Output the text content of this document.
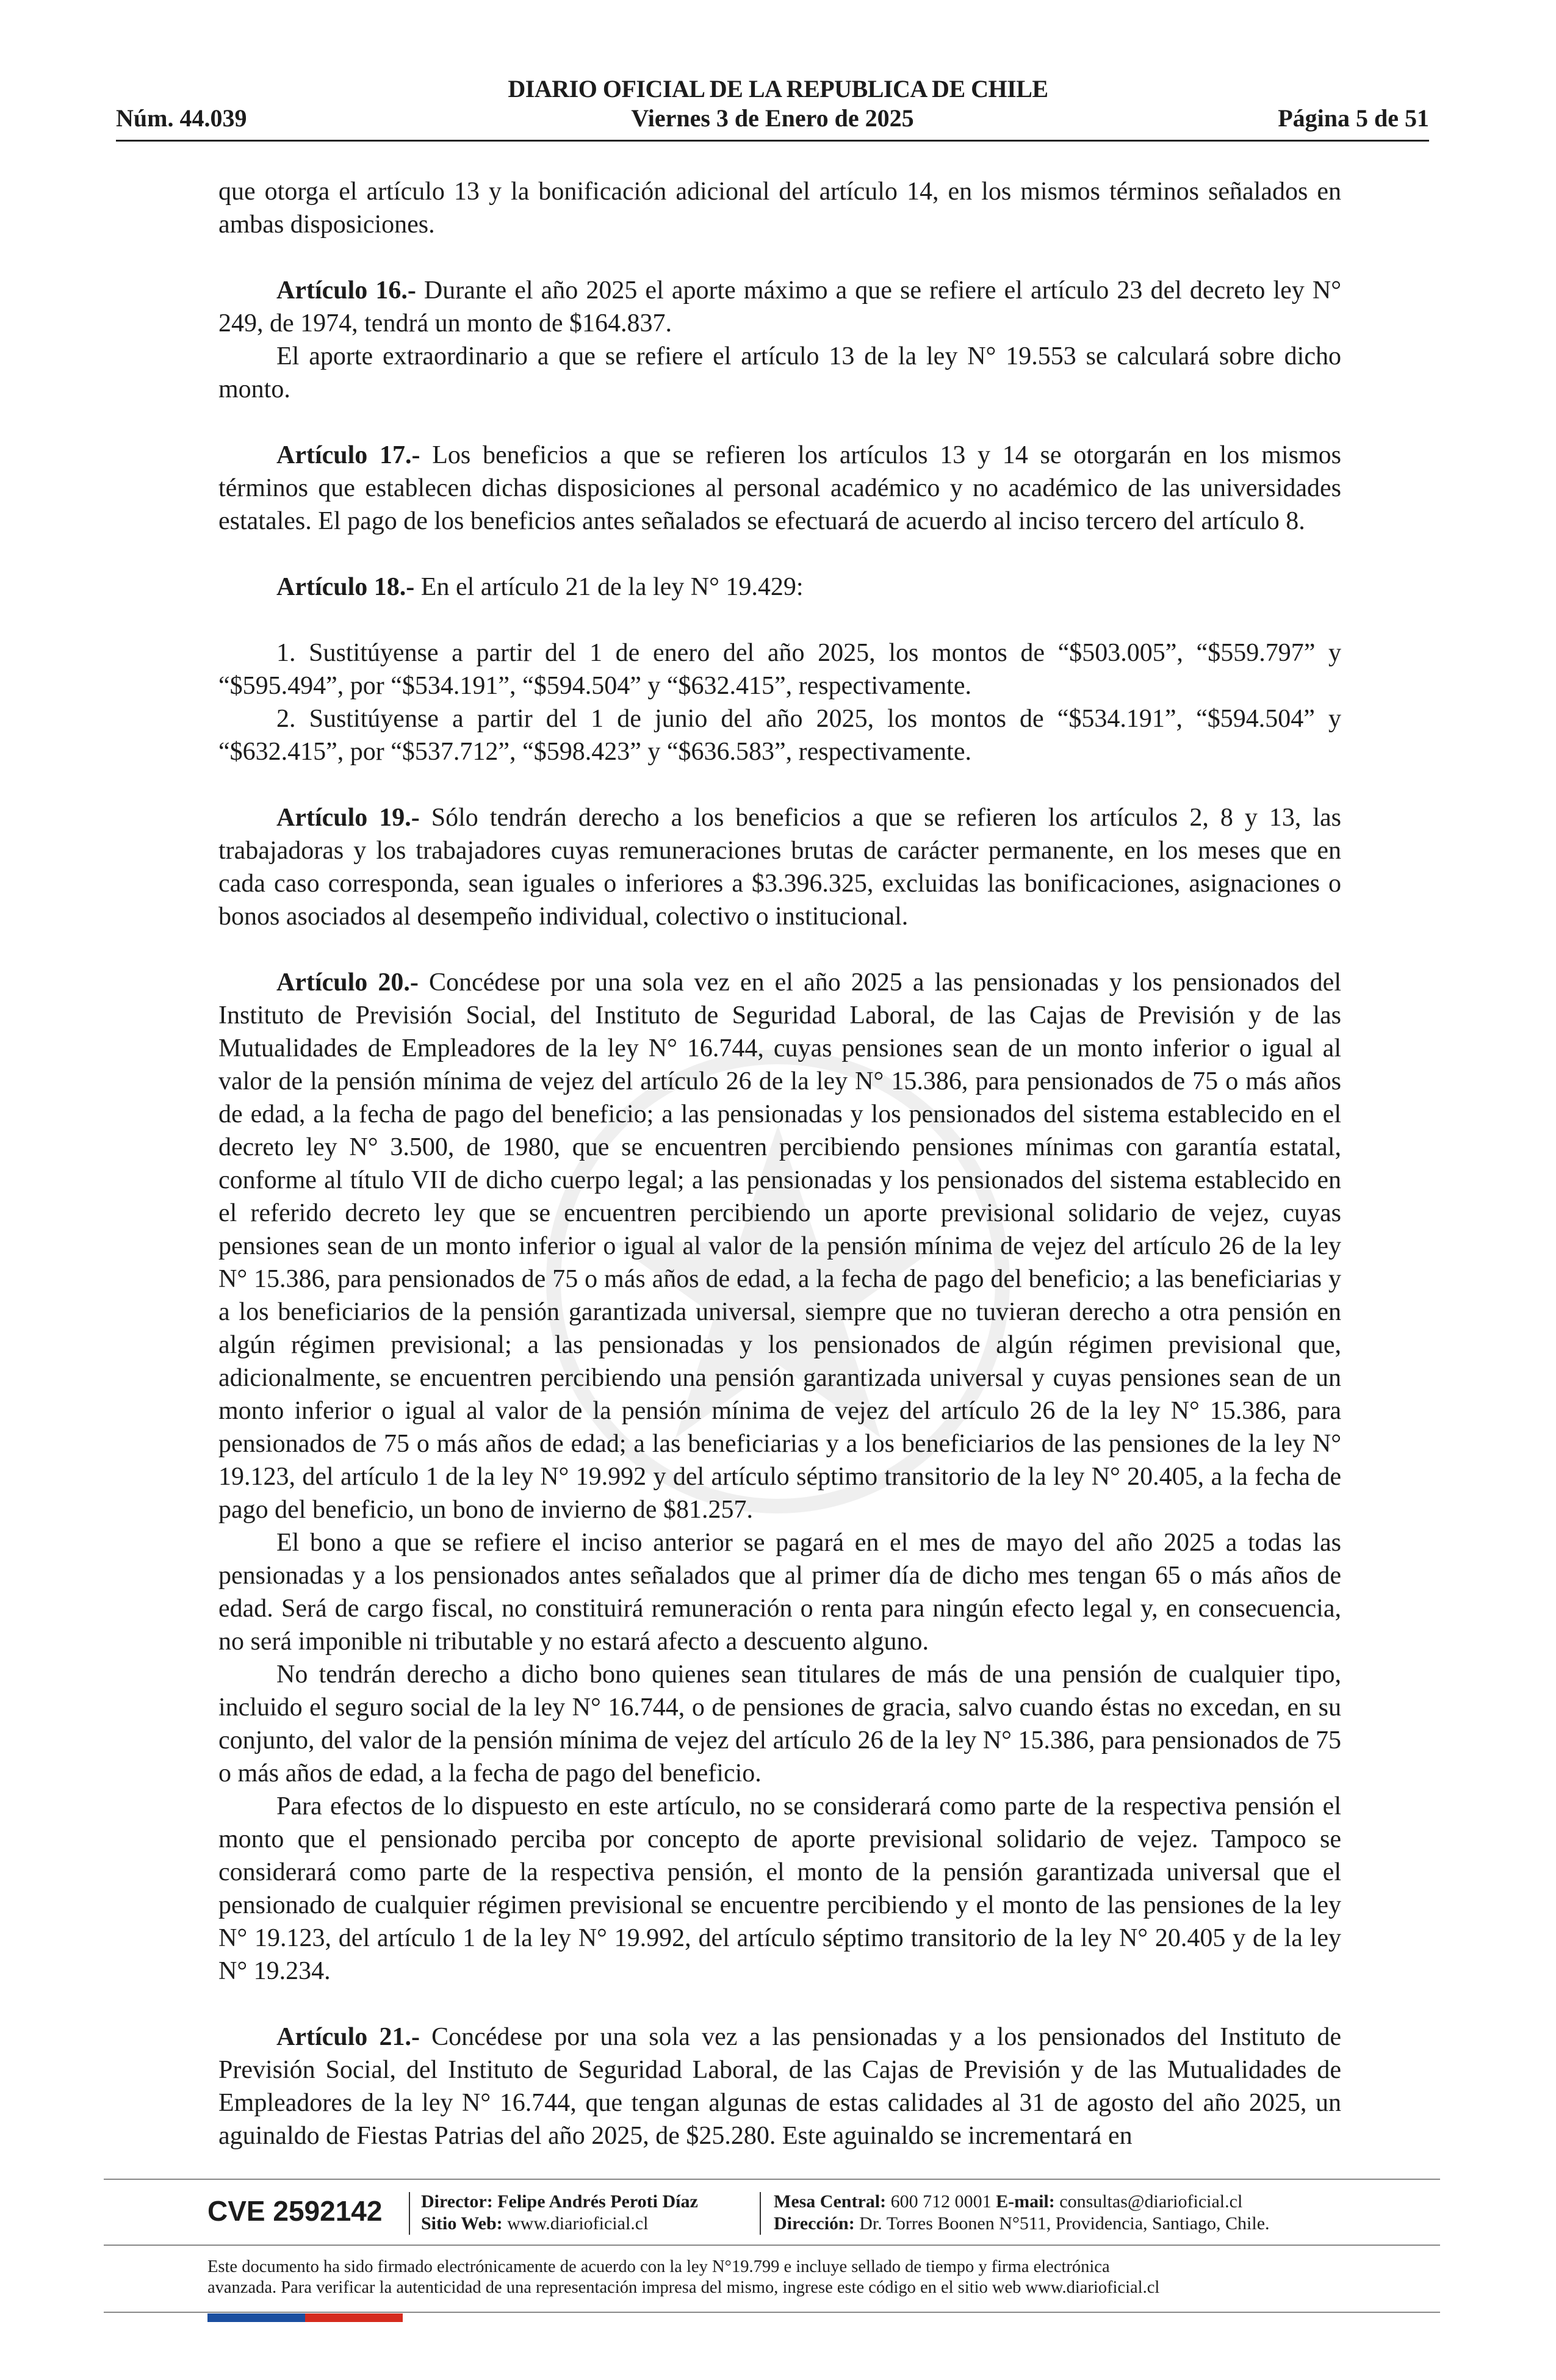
DIARIO OFICIAL DE LA REPUBLICA DE CHILE
Viernes 3 de Enero de 2025
Núm. 44.039	Página 5 de 51

que otorga el artículo 13 y la bonificación adicional del artículo 14, en los mismos términos señalados en ambas disposiciones.

Artículo 16.- Durante el año 2025 el aporte máximo a que se refiere el artículo 23 del decreto ley N° 249, de 1974, tendrá un monto de $164.837.

El aporte extraordinario a que se refiere el artículo 13 de la ley N° 19.553 se calculará sobre dicho monto.

Artículo 17.- Los beneficios a que se refieren los artículos 13 y 14 se otorgarán en los mismos términos que establecen dichas disposiciones al personal académico y no académico de las universidades estatales. El pago de los beneficios antes señalados se efectuará de acuerdo al inciso tercero del artículo 8.

Artículo 18.- En el artículo 21 de la ley N° 19.429:

1. Sustitúyense a partir del 1 de enero del año 2025, los montos de “$503.005”, “$559.797” y “$595.494”, por “$534.191”, “$594.504” y “$632.415”, respectivamente.

2. Sustitúyense a partir del 1 de junio del año 2025, los montos de “$534.191”, “$594.504” y “$632.415”, por “$537.712”, “$598.423” y “$636.583”, respectivamente.

Artículo 19.- Sólo tendrán derecho a los beneficios a que se refieren los artículos 2, 8 y 13, las trabajadoras y los trabajadores cuyas remuneraciones brutas de carácter permanente, en los meses que en cada caso corresponda, sean iguales o inferiores a $3.396.325, excluidas las bonificaciones, asignaciones o bonos asociados al desempeño individual, colectivo o institucional.

Artículo 20.- Concédese por una sola vez en el año 2025 a las pensionadas y los pensionados del Instituto de Previsión Social, del Instituto de Seguridad Laboral, de las Cajas de Previsión y de las Mutualidades de Empleadores de la ley N° 16.744, cuyas pensiones sean de un monto inferior o igual al valor de la pensión mínima de vejez del artículo 26 de la ley N° 15.386, para pensionados de 75 o más años de edad, a la fecha de pago del beneficio; a las pensionadas y los pensionados del sistema establecido en el decreto ley N° 3.500, de 1980, que se encuentren percibiendo pensiones mínimas con garantía estatal, conforme al título VII de dicho cuerpo legal; a las pensionadas y los pensionados del sistema establecido en el referido decreto ley que se encuentren percibiendo un aporte previsional solidario de vejez, cuyas pensiones sean de un monto inferior o igual al valor de la pensión mínima de vejez del artículo 26 de la ley N° 15.386, para pensionados de 75 o más años de edad, a la fecha de pago del beneficio; a las beneficiarias y a los beneficiarios de la pensión garantizada universal, siempre que no tuvieran derecho a otra pensión en algún régimen previsional; a las pensionadas y los pensionados de algún régimen previsional que, adicionalmente, se encuentren percibiendo una pensión garantizada universal y cuyas pensiones sean de un monto inferior o igual al valor de la pensión mínima de vejez del artículo 26 de la ley N° 15.386, para pensionados de 75 o más años de edad; a las beneficiarias y a los beneficiarios de las pensiones de la ley N° 19.123, del artículo 1 de la ley N° 19.992 y del artículo séptimo transitorio de la ley N° 20.405, a la fecha de pago del beneficio, un bono de invierno de $81.257.

El bono a que se refiere el inciso anterior se pagará en el mes de mayo del año 2025 a todas las pensionadas y a los pensionados antes señalados que al primer día de dicho mes tengan 65 o más años de edad. Será de cargo fiscal, no constituirá remuneración o renta para ningún efecto legal y, en consecuencia, no será imponible ni tributable y no estará afecto a descuento alguno.

No tendrán derecho a dicho bono quienes sean titulares de más de una pensión de cualquier tipo, incluido el seguro social de la ley N° 16.744, o de pensiones de gracia, salvo cuando éstas no excedan, en su conjunto, del valor de la pensión mínima de vejez del artículo 26 de la ley N° 15.386, para pensionados de 75 o más años de edad, a la fecha de pago del beneficio.

Para efectos de lo dispuesto en este artículo, no se considerará como parte de la respectiva pensión el monto que el pensionado perciba por concepto de aporte previsional solidario de vejez. Tampoco se considerará como parte de la respectiva pensión, el monto de la pensión garantizada universal que el pensionado de cualquier régimen previsional se encuentre percibiendo y el monto de las pensiones de la ley N° 19.123, del artículo 1 de la ley N° 19.992, del artículo séptimo transitorio de la ley N° 20.405 y de la ley N° 19.234.

Artículo 21.- Concédese por una sola vez a las pensionadas y a los pensionados del Instituto de Previsión Social, del Instituto de Seguridad Laboral, de las Cajas de Previsión y de las Mutualidades de Empleadores de la ley N° 16.744, que tengan algunas de estas calidades al 31 de agosto del año 2025, un aguinaldo de Fiestas Patrias del año 2025, de $25.280. Este aguinaldo se incrementará en

CVE 2592142 Director: Felipe Andrés Peroti Díaz
Sitio Web: www.diarioficial.cl
Mesa Central: 600 712 0001 E-mail: consultas@diarioficial.cl
Dirección: Dr. Torres Boonen N°511, Providencia, Santiago, Chile.

Este documento ha sido firmado electrónicamente de acuerdo con la ley N°19.799 e incluye sellado de tiempo y firma electrónica

avanzada. Para verificar la autenticidad de una representación impresa del mismo, ingrese este código en el sitio web www.diarioficial.cl
